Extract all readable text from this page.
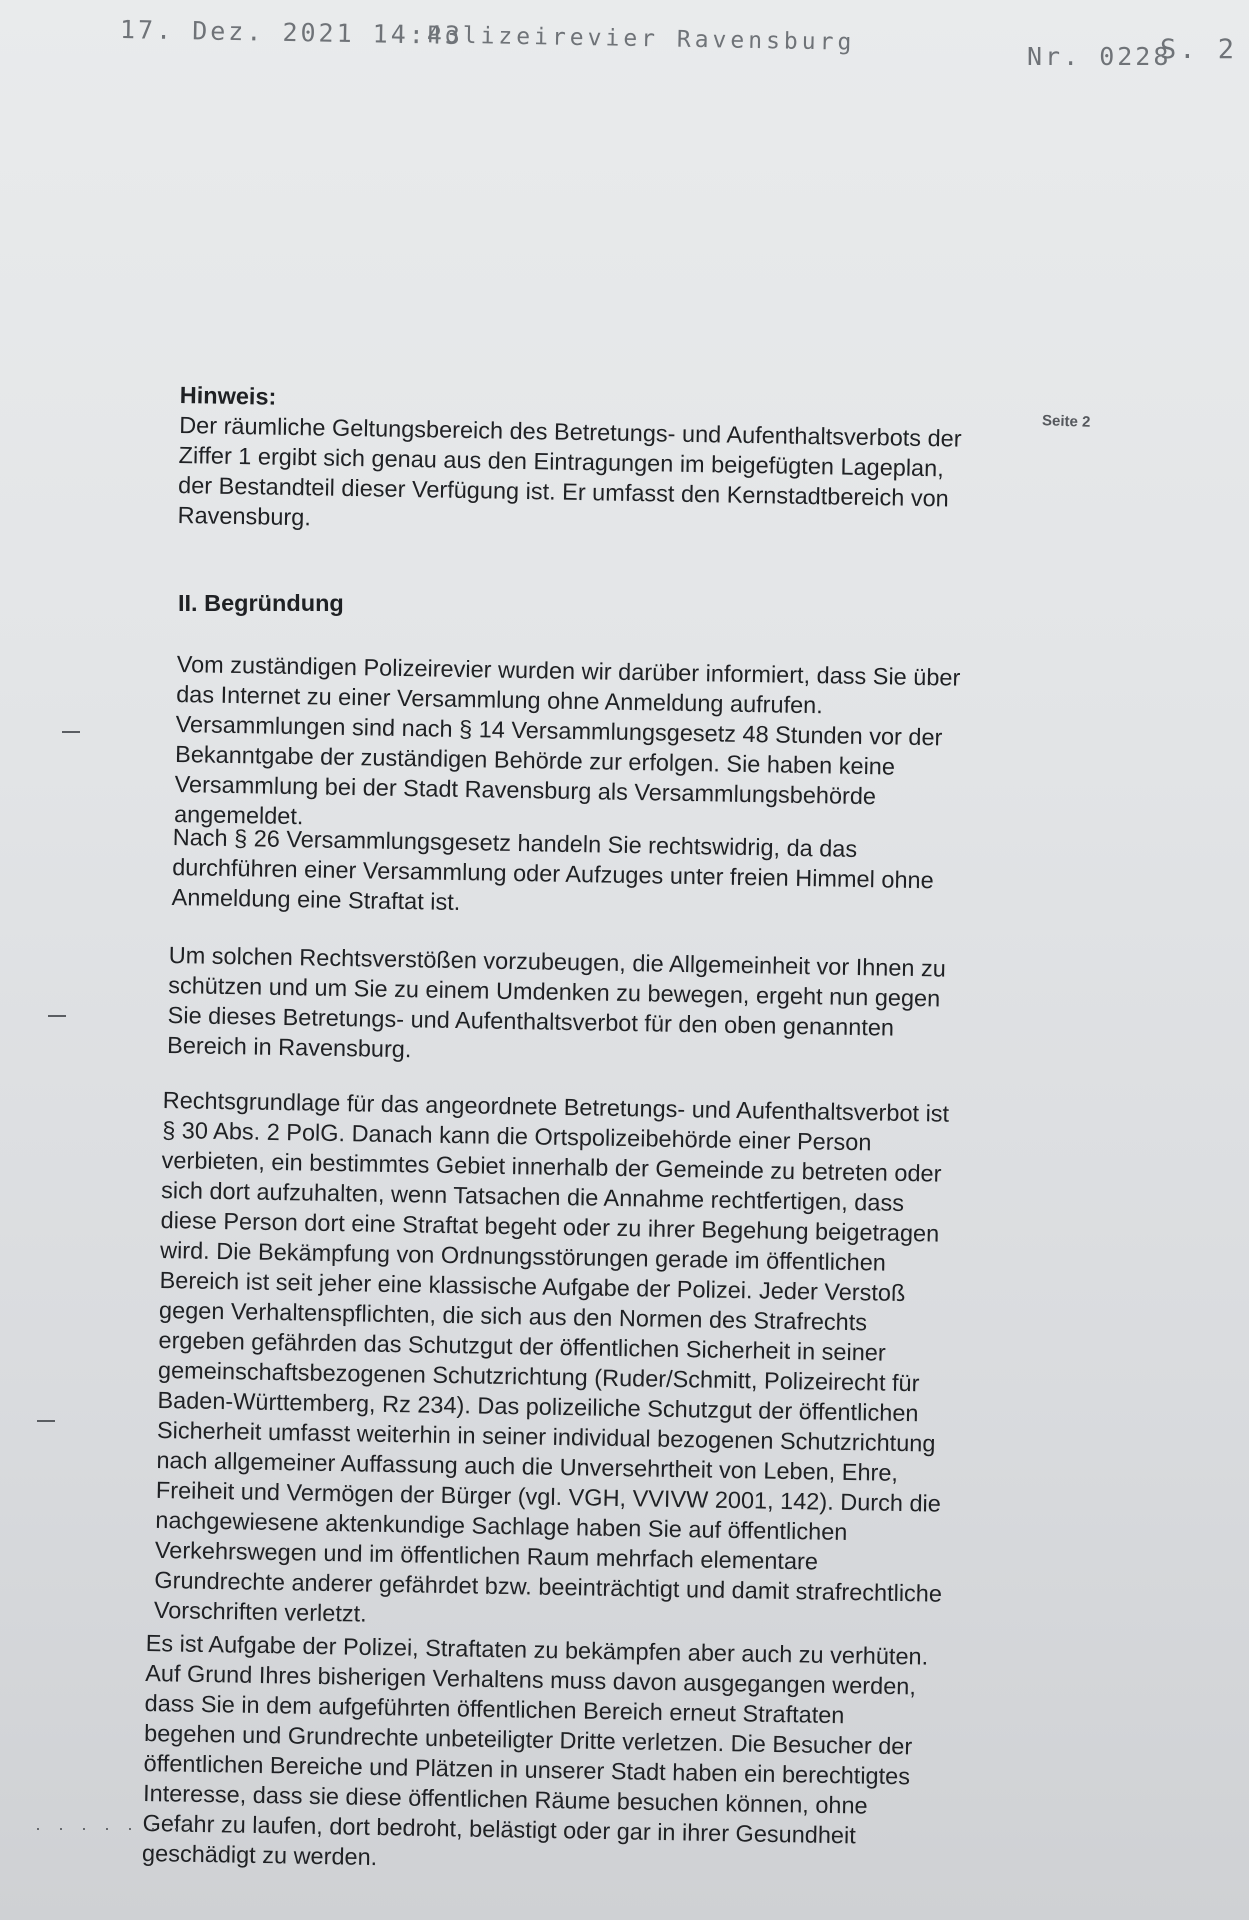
17. Dez. 2021 14:43
Polizeirevier Ravensburg
Nr. 0228
S. 2
Seite 2

Hinweis:

Der räumliche Geltungsbereich des Betretungs- und Aufenthaltsverbots der Ziffer 1 ergibt sich genau aus den Eintragungen im beigefügten Lageplan, der Bestandteil dieser Verfügung ist. Er umfasst den Kernstadtbereich von Ravensburg.

II. Begründung

Vom zuständigen Polizeirevier wurden wir darüber informiert, dass Sie über das Internet zu einer Versammlung ohne Anmeldung aufrufen. Versammlungen sind nach § 14 Versammlungsgesetz 48 Stunden vor der Bekanntgabe der zuständigen Behörde zur erfolgen. Sie haben keine Versammlung bei der Stadt Ravensburg als Versammlungsbehörde angemeldet.

Nach § 26 Versammlungsgesetz handeln Sie rechtswidrig, da das durchführen einer Versammlung oder Aufzuges unter freien Himmel ohne Anmeldung eine Straftat ist.

Um solchen Rechtsverstößen vorzubeugen, die Allgemeinheit vor Ihnen zu schützen und um Sie zu einem Umdenken zu bewegen, ergeht nun gegen Sie dieses Betretungs- und Aufenthaltsverbot für den oben genannten Bereich in Ravensburg.

Rechtsgrundlage für das angeordnete Betretungs- und Aufenthaltsverbot ist § 30 Abs. 2 PolG. Danach kann die Ortspolizeibehörde einer Person verbieten, ein bestimmtes Gebiet innerhalb der Gemeinde zu betreten oder sich dort aufzuhalten, wenn Tatsachen die Annahme rechtfertigen, dass diese Person dort eine Straftat begeht oder zu ihrer Begehung beigetragen wird. Die Bekämpfung von Ordnungsstörungen gerade im öffentlichen Bereich ist seit jeher eine klassische Aufgabe der Polizei. Jeder Verstoß gegen Verhaltenspflichten, die sich aus den Normen des Strafrechts ergeben gefährden das Schutzgut der öffentlichen Sicherheit in seiner gemeinschaftsbezogenen Schutzrichtung (Ruder/Schmitt, Polizeirecht für Baden-Württemberg, Rz 234). Das polizeiliche Schutzgut der öffentlichen Sicherheit umfasst weiterhin in seiner individual bezogenen Schutzrichtung nach allgemeiner Auffassung auch die Unversehrtheit von Leben, Ehre, Freiheit und Vermögen der Bürger (vgl. VGH, VVIVW 2001, 142). Durch die nachgewiesene aktenkundige Sachlage haben Sie auf öffentlichen Verkehrswegen und im öffentlichen Raum mehrfach elementare Grundrechte anderer gefährdet bzw. beeinträchtigt und damit strafrechtliche Vorschriften verletzt.

Es ist Aufgabe der Polizei, Straftaten zu bekämpfen aber auch zu verhüten. Auf Grund Ihres bisherigen Verhaltens muss davon ausgegangen werden, dass Sie in dem aufgeführten öffentlichen Bereich erneut Straftaten begehen und Grundrechte unbeteiligter Dritte verletzen. Die Besucher der öffentlichen Bereiche und Plätzen in unserer Stadt haben ein berechtigtes Interesse, dass sie diese öffentlichen Räume besuchen können, ohne Gefahr zu laufen, dort bedroht, belästigt oder gar in ihrer Gesundheit geschädigt zu werden.

· · · · · · ·
